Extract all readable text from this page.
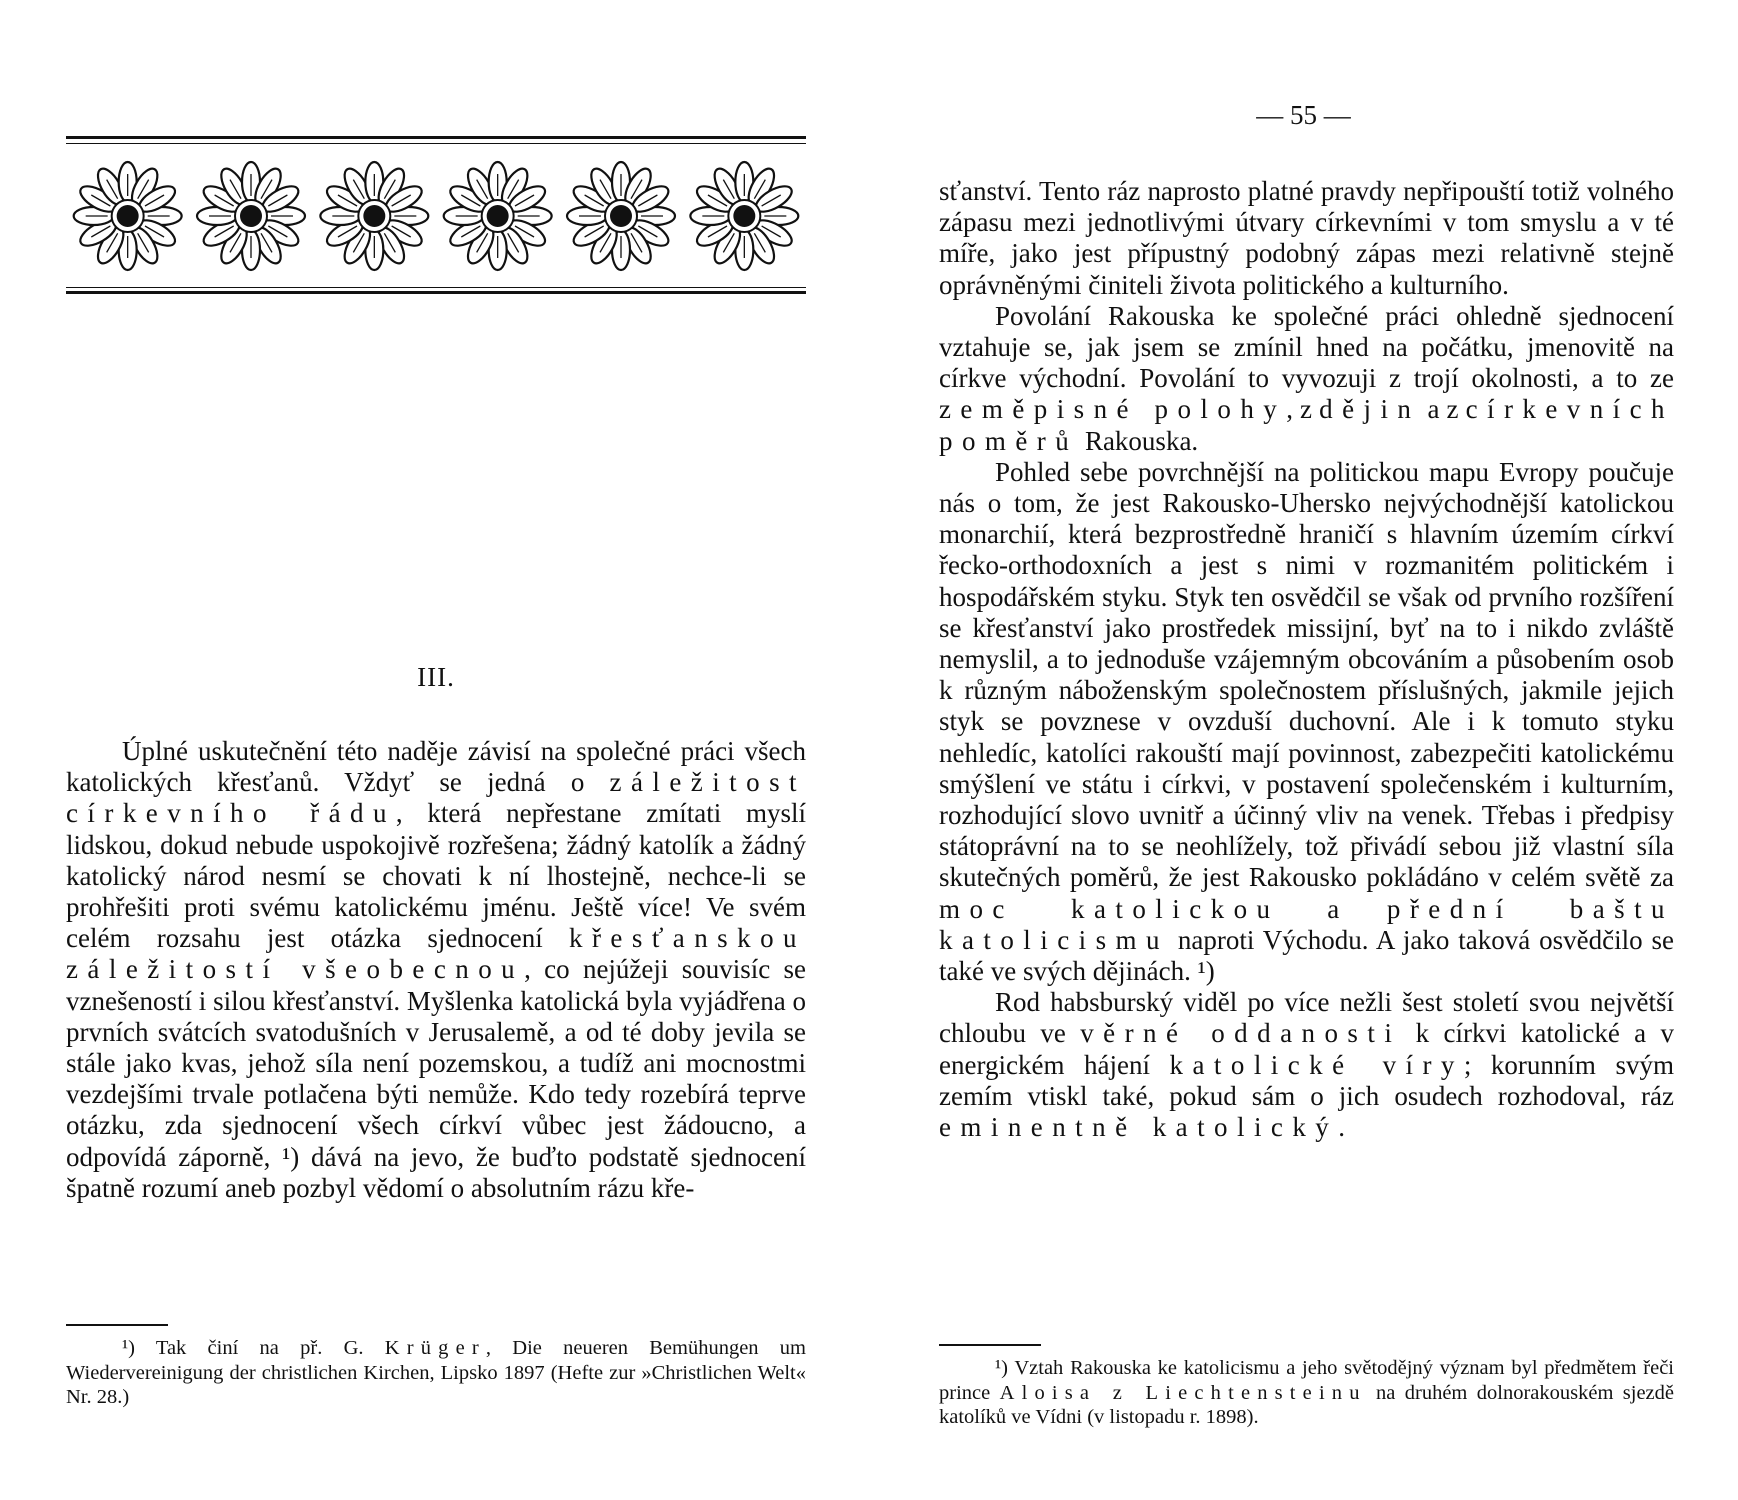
III.

Úplné uskutečnění této naděje závisí na společné práci všech katolických křesťanů. Vždyť se jedná o záležitost církevního řádu, která nepřestane zmítati myslí lidskou, dokud nebude uspokojivě rozřešena; žádný katolík a žádný katolický národ nesmí se chovati k ní lhostejně, nechce-li se prohřešiti proti svému katolickému jménu. Ještě více! Ve svém celém rozsahu jest otázka sjednocení křesťanskou záležitostí všeobecnou, co nejúžeji souvisíc se vznešeností i silou křesťanství. Myšlenka katolická byla vyjádřena o prvních svátcích svatodušních v Jerusalemě, a od té doby jevila se stále jako kvas, jehož síla není pozemskou, a tudíž ani mocnostmi vezdejšími trvale potlačena býti nemůže. Kdo tedy rozebírá teprve otázku, zda sjednocení všech církví vůbec jest žádoucno, a odpovídá záporně, ¹) dává na jevo, že buďto podstatě sjednocení špatně rozumí aneb pozbyl vědomí o absolutním rázu kře-

¹) Tak činí na př. G. Krüger, Die neueren Bemühungen um Wiedervereinigung der christlichen Kirchen, Lipsko 1897 (Hefte zur »Christlichen Welt« Nr. 28.)
— 55 —

sťanství. Tento ráz naprosto platné pravdy nepřipouští totiž volného zápasu mezi jednotlivými útvary církevními v tom smyslu a v té míře, jako jest přípustný podobný zápas mezi relativně stejně oprávněnými činiteli života politického a kulturního.

Povolání Rakouska ke společné práci ohledně sjednocení vztahuje se, jak jsem se zmínil hned na počátku, jmenovitě na církve východní. Povolání to vyvozuji z trojí okolnosti, a to ze zeměpisné polohy, z dějin a z církevních poměrů Rakouska.

Pohled sebe povrchnější na politickou mapu Evropy poučuje nás o tom, že jest Rakousko-Uhersko nejvýchodnější katolickou monarchií, která bezprostředně hraničí s hlavním územím církví řecko-orthodoxních a jest s nimi v rozmanitém politickém i hospodářském styku. Styk ten osvědčil se však od prvního rozšíření se křesťanství jako prostředek missijní, byť na to i nikdo zvláště nemyslil, a to jednoduše vzájemným obcováním a působením osob k různým náboženským společnostem příslušných, jakmile jejich styk se povznese v ovzduší duchovní. Ale i k tomuto styku nehledíc, katolíci rakouští mají povinnost, zabezpečiti katolickému smýšlení ve státu i církvi, v postavení společenském i kulturním, rozhodující slovo uvnitř a účinný vliv na venek. Třebas i předpisy státoprávní na to se neohlížely, tož přivádí sebou již vlastní síla skutečných poměrů, že jest Rakousko pokládáno v celém světě za moc katolickou a přední baštu katolicismu naproti Východu. A jako taková osvědčilo se také ve svých dějinách. ¹)

Rod habsburský viděl po více nežli šest století svou největší chloubu ve věrné oddanosti k církvi katolické a v energickém hájení katolické víry; korunním svým zemím vtiskl také, pokud sám o jich osudech rozhodoval, ráz eminentně katolický.

¹) Vztah Rakouska ke katolicismu a jeho světodějný význam byl předmětem řeči prince Aloisa z Liechtensteinu na druhém dolnorakouském sjezdě katolíků ve Vídni (v listopadu r. 1898).
